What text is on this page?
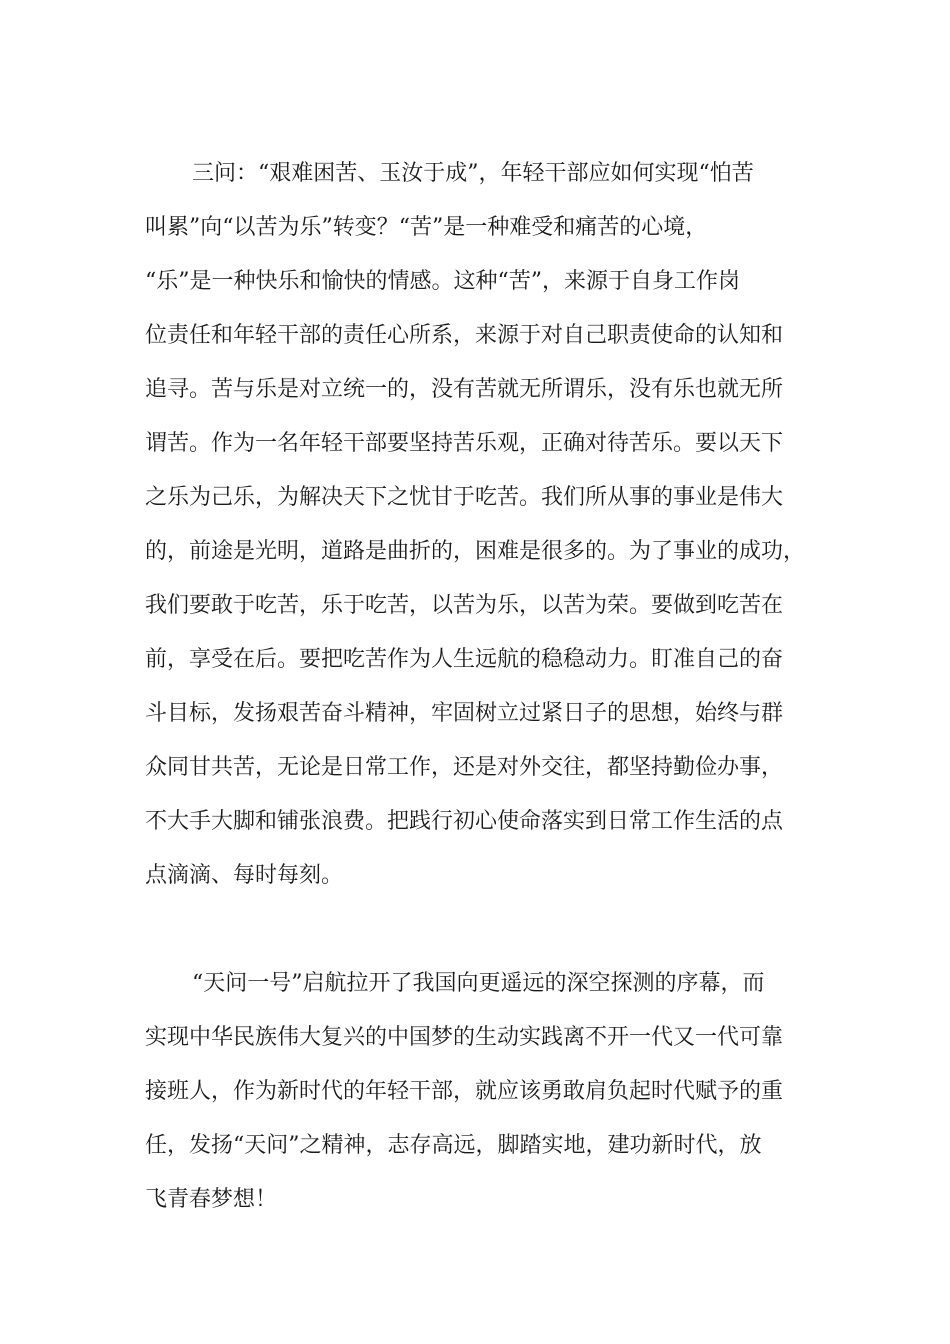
三问：“艰难困苦、玉汝于成”，年轻干部应如何实现“怕苦
叫累”向“以苦为乐”转变？“苦”是一种难受和痛苦的心境，
“乐”是一种快乐和愉快的情感。这种“苦”，来源于自身工作岗
位责任和年轻干部的责任心所系，来源于对自己职责使命的认知和
追寻。苦与乐是对立统一的，没有苦就无所谓乐，没有乐也就无所
谓苦。作为一名年轻干部要坚持苦乐观，正确对待苦乐。要以天下
之乐为己乐，为解决天下之忧甘于吃苦。我们所从事的事业是伟大
的，前途是光明，道路是曲折的，困难是很多的。为了事业的成功，
我们要敢于吃苦，乐于吃苦，以苦为乐，以苦为荣。要做到吃苦在
前，享受在后。要把吃苦作为人生远航的稳稳动力。盯准自己的奋
斗目标，发扬艰苦奋斗精神，牢固树立过紧日子的思想，始终与群
众同甘共苦，无论是日常工作，还是对外交往，都坚持勤俭办事，
不大手大脚和铺张浪费。把践行初心使命落实到日常工作生活的点
点滴滴、每时每刻。
“天问一号”启航拉开了我国向更遥远的深空探测的序幕，而
实现中华民族伟大复兴的中国梦的生动实践离不开一代又一代可靠
接班人，作为新时代的年轻干部，就应该勇敢肩负起时代赋予的重
任，发扬“天问”之精神，志存高远，脚踏实地，建功新时代，放
飞青春梦想！
